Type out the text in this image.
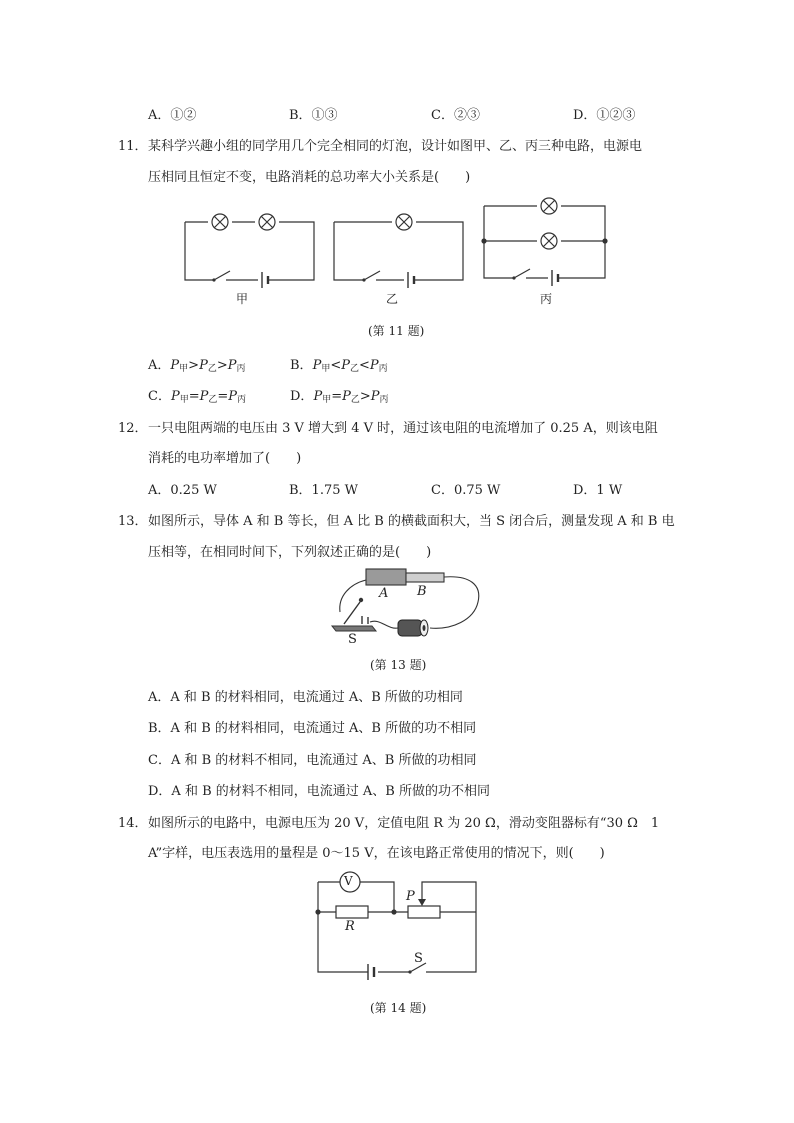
A．①②	B．①③	C．②③	D．①②③
11． 某科学兴趣小组的同学用几个完全相同的灯泡，设计如图甲、乙、丙三种电路，电源电
压相同且恒定不变，电路消耗的总功率大小关系是(　　)
甲	乙	丙
(第 11 题)
A．$P_甲>P_乙>P_丙$	B．$P_甲<P_乙<P_丙$
C．$P_甲=P_乙=P_丙$	D．$P_甲=P_乙>P_丙$
12． 一只电阻两端的电压由 3 V 增大到 4 V 时，通过该电阻的电流增加了 0.25 A，则该电阻
消耗的电功率增加了(　　)
A．0.25 W	B．1.75 W	C．0.75 W	D．1 W
13． 如图所示，导体 A 和 B 等长，但 A 比 B 的横截面积大，当 S 闭合后，测量发现 A 和 B 电
压相等，在相同时间下，下列叙述正确的是(　　)
A B
S
(第 13 题)
A．A 和 B 的材料相同，电流通过 A、B 所做的功相同
B．A 和 B 的材料相同，电流通过 A、B 所做的功不相同
C．A 和 B 的材料不相同，电流通过 A、B 所做的功相同
D．A 和 B 的材料不相同，电流通过 A、B 所做的功不相同
14． 如图所示的电路中，电源电压为 20 V，定值电阻 R 为 20 Ω，滑动变阻器标有“30 Ω　1
A”字样，电压表选用的量程是 0～15 V，在该电路正常使用的情况下，则(　　)
V
P
R
S
(第 14 题)
